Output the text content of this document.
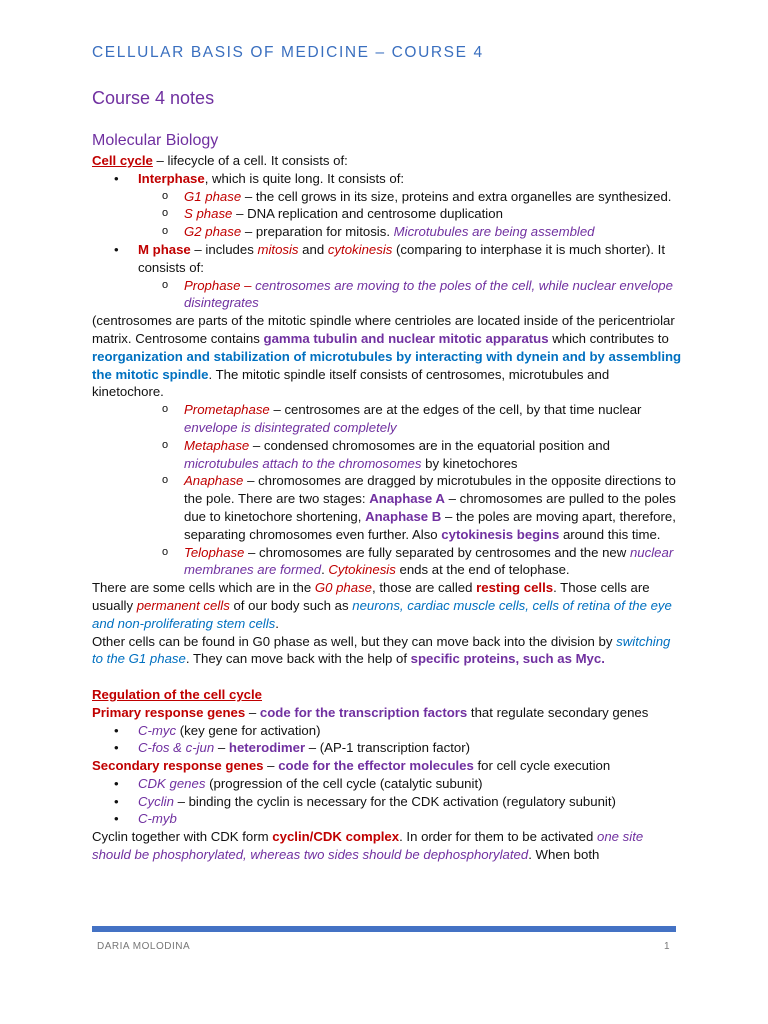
CELLULAR BASIS OF MEDICINE – COURSE 4
Course 4 notes
Molecular Biology

Cell cycle – lifecycle of a cell. It consists of:

• Interphase, which is quite long. It consists of:
o G1 phase – the cell grows in its size, proteins and extra organelles are synthesized.
o S phase – DNA replication and centrosome duplication
o G2 phase – preparation for mitosis. Microtubules are being assembled
• M phase – includes mitosis and cytokinesis (comparing to interphase it is much shorter). It consists of:
o Prophase – centrosomes are moving to the poles of the cell, while nuclear envelope disintegrates

(centrosomes are parts of the mitotic spindle where centrioles are located inside of the pericentriolar matrix. Centrosome contains gamma tubulin and nuclear mitotic apparatus which contributes to reorganization and stabilization of microtubules by interacting with dynein and by assembling the mitotic spindle. The mitotic spindle itself consists of centrosomes, microtubules and kinetochore.

o Prometaphase – centrosomes are at the edges of the cell, by that time nuclear envelope is disintegrated completely
o Metaphase – condensed chromosomes are in the equatorial position and microtubules attach to the chromosomes by kinetochores
o Anaphase – chromosomes are dragged by microtubules in the opposite directions to the pole. There are two stages: Anaphase A – chromosomes are pulled to the poles due to kinetochore shortening, Anaphase B – the poles are moving apart, therefore, separating chromosomes even further. Also cytokinesis begins around this time.
o Telophase – chromosomes are fully separated by centrosomes and the new nuclear membranes are formed. Cytokinesis ends at the end of telophase.

There are some cells which are in the G0 phase, those are called resting cells. Those cells are usually permanent cells of our body such as neurons, cardiac muscle cells, cells of retina of the eye and non-proliferating stem cells.

Other cells can be found in G0 phase as well, but they can move back into the division by switching to the G1 phase. They can move back with the help of specific proteins, such as Myc.

Regulation of the cell cycle

Primary response genes – code for the transcription factors that regulate secondary genes

• C-myc (key gene for activation)
• C-fos & c-jun – heterodimer – (AP-1 transcription factor)

Secondary response genes – code for the effector molecules for cell cycle execution

• CDK genes (progression of the cell cycle (catalytic subunit)
• Cyclin – binding the cyclin is necessary for the CDK activation (regulatory subunit)
• C-myb

Cyclin together with CDK form cyclin/CDK complex. In order for them to be activated one site should be phosphorylated, whereas two sides should be dephosphorylated. When both

DARIA MOLODINA	1
